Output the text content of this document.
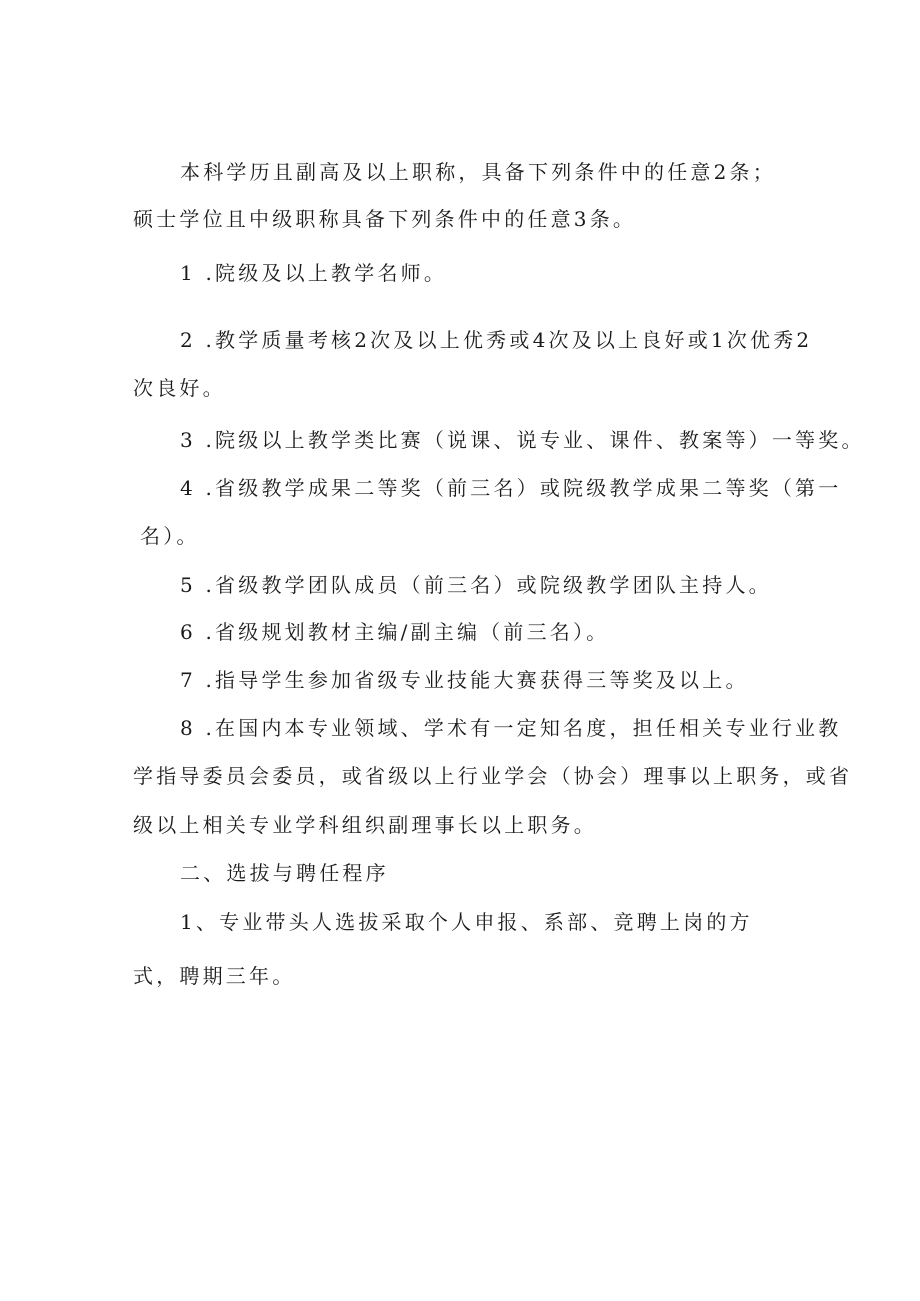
本科学历且副高及以上职称，具备下列条件中的任意2条；
硕士学位且中级职称具备下列条件中的任意3条。
1 .院级及以上教学名师。
2 .教学质量考核2次及以上优秀或4次及以上良好或1次优秀2
次良好。
3 .院级以上教学类比赛（说课、说专业、课件、教案等）一等奖。
4 .省级教学成果二等奖（前三名）或院级教学成果二等奖（第一
名）。
5 .省级教学团队成员（前三名）或院级教学团队主持人。
6 .省级规划教材主编/副主编（前三名）。
7 .指导学生参加省级专业技能大赛获得三等奖及以上。
8 .在国内本专业领域、学术有一定知名度，担任相关专业行业教
学指导委员会委员，或省级以上行业学会（协会）理事以上职务，或省
级以上相关专业学科组织副理事长以上职务。
二、选拔与聘任程序
1、专业带头人选拔采取个人申报、系部、竞聘上岗的方
式，聘期三年。
